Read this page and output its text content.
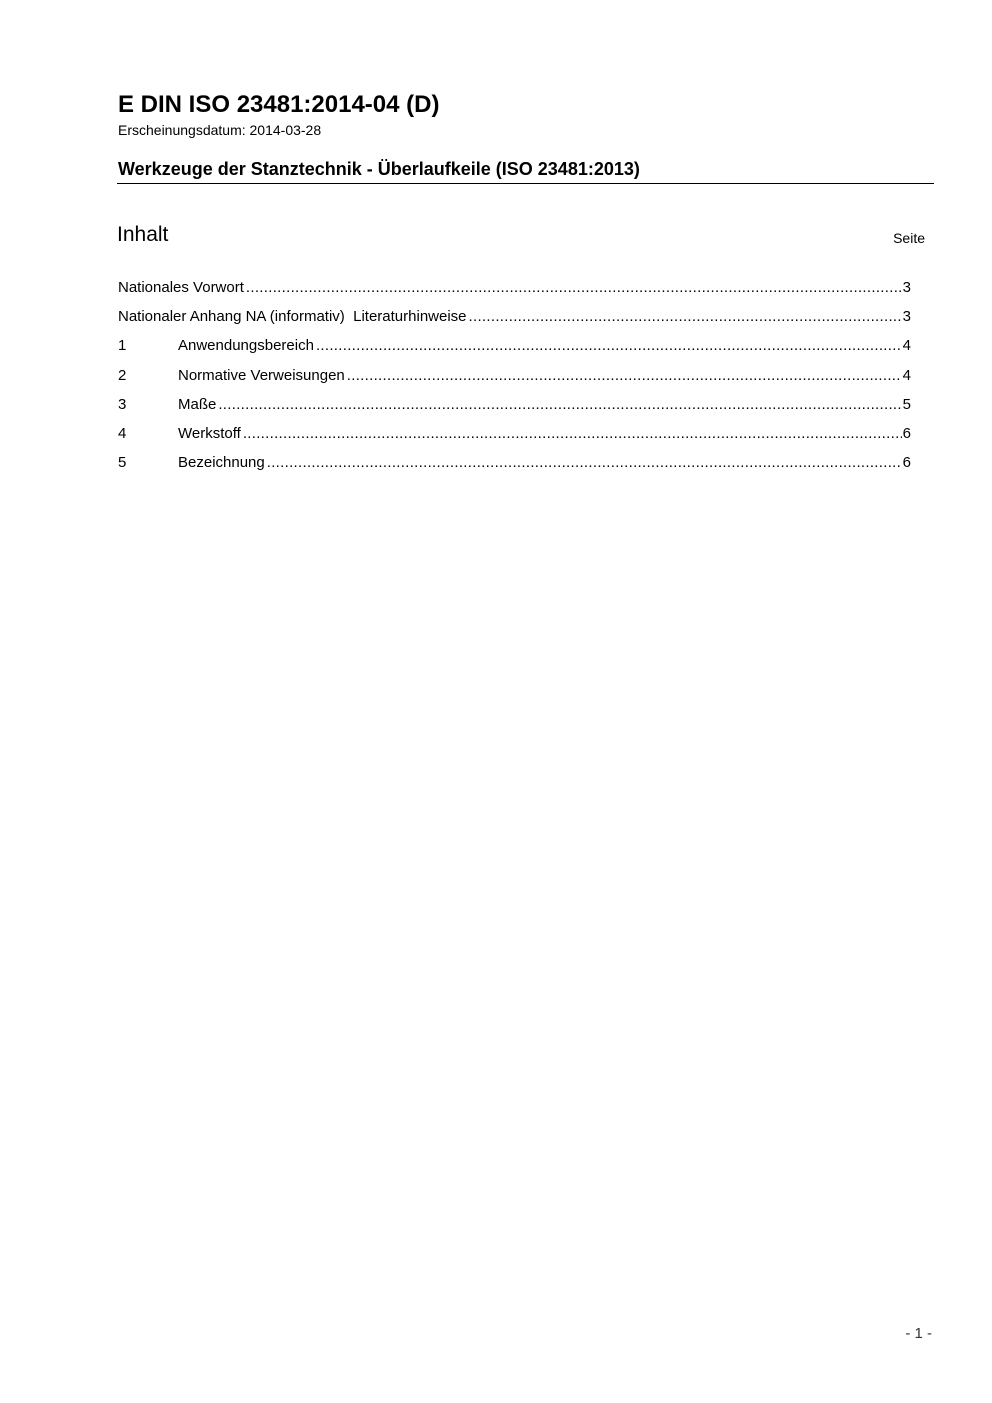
E DIN ISO 23481:2014-04 (D)
Erscheinungsdatum: 2014-03-28
Werkzeuge der Stanztechnik - Überlaufkeile (ISO 23481:2013)
Inhalt	Seite
Nationales Vorwort .....	3
Nationaler Anhang NA (informativ)  Literaturhinweise .....	3
1	Anwendungsbereich .....	4
2	Normative Verweisungen .....	4
3	Maße .....	5
4	Werkstoff .....	6
5	Bezeichnung .....	6
- 1 -
